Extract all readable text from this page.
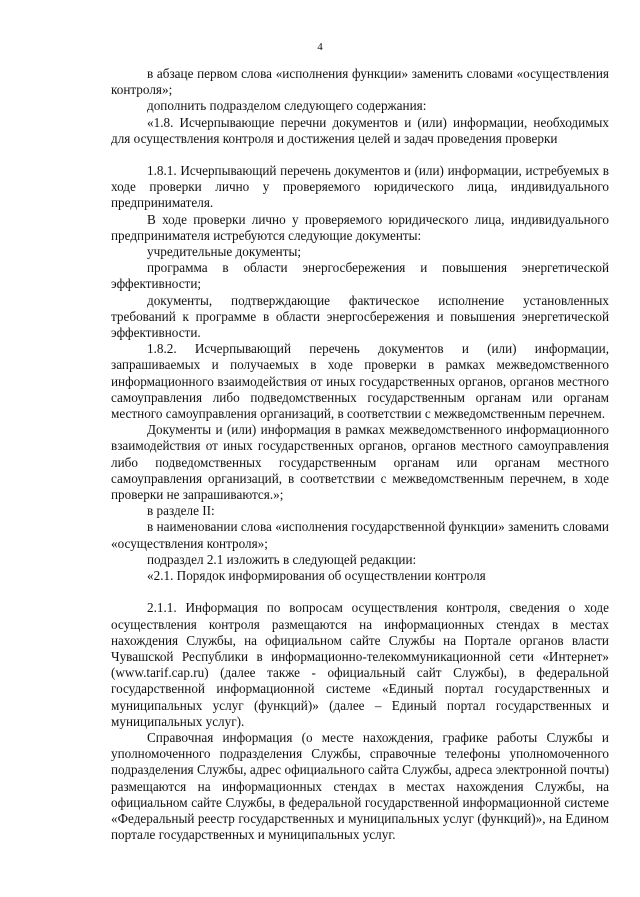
4

в абзаце первом слова «исполнения функции» заменить словами «осуществления контроля»;

дополнить подразделом следующего содержания:

«1.8. Исчерпывающие перечни документов и (или) информации, необходимых для осуществления контроля и достижения целей и задач проведения проверки

1.8.1. Исчерпывающий перечень документов и (или) информации, истребуемых в ходе проверки лично у проверяемого юридического лица, индивидуального предпринимателя.

В ходе проверки лично у проверяемого юридического лица, индивидуального предпринимателя истребуются следующие документы:

учредительные документы;

программа в области энергосбережения и повышения энергетической эффективности;

документы, подтверждающие фактическое исполнение установленных требований к программе в области энергосбережения и повышения энергетической эффективности.

1.8.2. Исчерпывающий перечень документов и (или) информации, запрашиваемых и получаемых в ходе проверки в рамках межведомственного информационного взаимодействия от иных государственных органов, органов местного самоуправления либо подведомственных государственным органам или органам местного самоуправления организаций, в соответствии с межведомственным перечнем.

Документы и (или) информация в рамках межведомственного информационного взаимодействия от иных государственных органов, органов местного самоуправления либо подведомственных государственным органам или органам местного самоуправления организаций, в соответствии с межведомственным перечнем, в ходе проверки не запрашиваются.»;

в разделе II:

в наименовании слова «исполнения государственной функции» заменить словами «осуществления контроля»;

подраздел 2.1 изложить в следующей редакции:

«2.1. Порядок информирования об осуществлении контроля

2.1.1. Информация по вопросам осуществления контроля, сведения о ходе осуществления контроля размещаются на информационных стендах в местах нахождения Службы, на официальном сайте Службы на Портале органов власти Чувашской Республики в информационно-телекоммуникационной сети «Интернет» (www.tarif.cap.ru) (далее также - официальный сайт Службы), в федеральной государственной информационной системе «Единый портал государственных и муниципальных услуг (функций)» (далее – Единый портал государственных и муниципальных услуг).

Справочная информация (о месте нахождения, графике работы Службы и уполномоченного подразделения Службы, справочные телефоны уполномоченного подразделения Службы, адрес официального сайта Службы, адреса электронной почты) размещаются на информационных стендах в местах нахождения Службы, на официальном сайте Службы, в федеральной государственной информационной системе «Федеральный реестр государственных и муниципальных услуг (функций)», на Едином портале государственных и муниципальных услуг.
